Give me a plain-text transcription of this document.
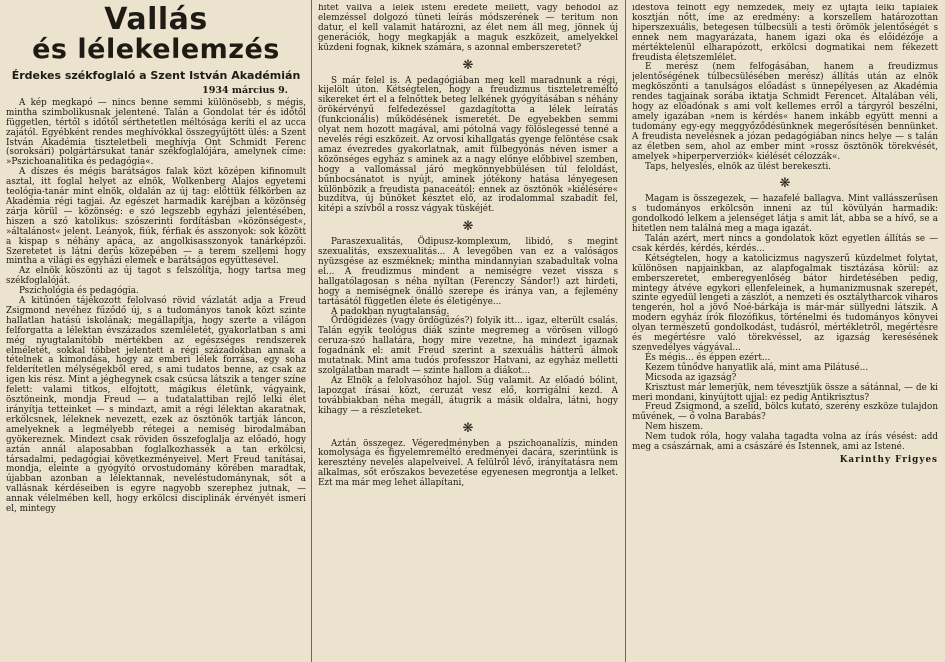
Vallás
és lélekelemzés
Érdekes székfoglaló a Szent István Akadémián
1934 március 9.

A kép megkapó — nincs benne semmi különösebb, s mégis, mintha szimbolikusnak jelentené. Talán a Gondolat tér és időtől független, tértől s időtől sérthetetlen méltósága keríti el az ucca zajától. Egyébként rendes meghívókkal összegyűjtött ülés: a Szent István Akadémia tiszteletbeli meghívja Ont Schmidt Ferenc (soroksári) polgártársukat tanár székfoglalójára, amelynek címe: »Pszichoanalitika és pedagógia«.

A díszes és mégis barátságos falak közt középen kifinomult asztal, itt foglal helyet az elnök, Wolkenberg Alajos egyetemi teológia-tanár mint elnök, oldalán az új tag: előttük félkörben az Akadémia régi tagjai. Az egészet harmadik karéjban a közönség zárja körül — közönség: e szó legszebb egyházi jelentésében, hiszen a szó katolikus: szószerinti fordításban »közönségest«, »általánost« jelent. Leányok, fiúk, férfiak és asszonyok: sok között a kispap s néhány apáca, az angolkisasszonyok tanárképzői. Szeretetet is látni derűs közepében — a terem szellemi hogy mintha a világi és egyházi elemek e barátságos együttesével.

Az elnök köszönti az új tagot s felszólítja, hogy tartsa meg székfoglalóját.

Pszichológia és pedagógia.

A kitűnően tájékozott felolvasó rövid vázlatát adja a Freud Zsigmond nevéhez fűződő új, s a tudományos tanok közt szinte hallatlan hatású iskolának; megállapítja, hogy szerte a világon felforgatta a lélektan évszázados szemléletét, gyakorlatban s ami még nyugtalanítóbb mértékben az egészséges rendszerek elméletét, sokkal többet jelentett a régi századokban annak a tételnek a kimondása, hogy az emberi lélek forrása, egy soha felderítetlen mélységekből ered, s ami tudatos benne, az csak az igen kis rész. Mint a jéghegynek csak csúcsa látszik a tenger színe felett: valami titkos, elfojtott, mágikus életünk, vágyaink, ösztöneink, mondja Freud — a tudatalattiban rejlő lelki élet irányítja tetteinket — s mindazt, amit a régi lélektan akaratnak, erkölcsnek, léleknek nevezett, ezek az ösztönök tartják láncon, amelyeknek a legmélyebb rétegei a nemiség birodalmában gyökereznek. Mindezt csak röviden összefoglalja az előadó, hogy aztán annál alaposabban foglalkozhassék a tan erkölcsi, társadalmi, pedagógiai következményeivel. Mert Freud tanításai, mondja, eleinte a gyógyító orvostudomány körében maradtak, újabban azonban a lélektannak, neveléstudománynak, sőt a vallásnak kérdéseiben is egyre nagyobb szerephez jutnak, — annak vélelmében kell, hogy erkölcsi disciplinák érvényét ismeri el, mintegy

hitet vallva a lélek isteni eredete mellett, vagy behódol az elemzéssel dolgozó tüneti leírás módszerének — teritum non datur, el kell valamit határozni, az élet nem áll meg, jönnek új generációk, hogy megkapják a maguk eszközeit, amelyekkel küzdeni fognak, kiknek számára, s azonnal emberszeretet?

❋

S már felel is. A pedagógiában meg kell maradnunk a régi, kijelölt úton. Kétségtelen, hogy a freudizmus tiszteletreméltó sikereket ért el a felnőttek beteg lelkének gyógyításában s néhány örökérvényű felfedezéssel gazdagította a lélek leíratás (funkcionális) működésének ismeretét. De egyebekben semmi olyat nem hozott magával, ami pótolná vagy fölöslegessé tenné a nevelés régi eszközeit. Az orvosi kihallgatás gyenge felöntése csak amaz évezredes gyakorlatnak, amit fülbegyónás néven ismer a közönséges egyház s aminek az a nagy előnye előbbivel szemben, hogy a vallomással járó megkönnyebbülésen túl feloldást, bűnbocsánatot is nyújt, aminek jótékony hatása lényegesen különbözik a freudista panaceától: ennek az ösztönök »kiélésére« buzdítva, új bűnöket késztet elő, az irodalommal szabadít fel, kitépi a szívből a rossz vágyak tüskéjét.

❋

Paraszexualitás, Ödipusz-komplexum, libidó, s megint szexualitás, exszexualitás... A levegőben van ez a valóságos nyüzsgése az eszméknek; mintha mindannyian szabadultak volna el... A freudizmus mindent a nemiségre vezet vissza s hallgatólagosan s néha nyíltan (Ferenczy Sándor!) azt hirdeti, hogy a nemiségnek önálló szerepe és iránya van, a fejlemény tartásától független élete és életigénye...

A padokban nyugtalanság.

Ördögidézés (vagy ördögűzés?) folyik itt... igaz, elterült csalás. Talán egyik teológus diák szinte megremeg a vörösen villogó ceruza-szó hallatára, hogy mire vezetne, ha mindezt igaznak fogadnánk el: amit Freud szerint a szexuális hátterű álmok mutatnak. Mint ama tudós professzor Hatvani, az egyház melletti szolgálatban maradt — szinte hallom a diákot...

Az Elnök a felolvasóhoz hajol. Súg valamit. Az előadó bólint, lapozgat írásai közt, ceruzát vesz elő, korrigálni kezd. A továbbiakban néha megáll, átugrik a másik oldalra, látni, hogy kihagy — a részleteket.

❋

Aztán összegez. Végeredményben a pszichoanalízis, minden komolysága és figyelemreméltó eredményei dacára, szerintünk is keresztény nevelés alapelveivel. A felülről lévő, irányítatásra nem alkalmas, sőt erőszakos bevezetése egyenesen megrontja a lelket. Ezt ma már meg lehet állapítani,

idestova felnőtt egy nemzedék, mely ez újfajta lelki táplálék kosztján nőtt, íme az eredmény: a korszellem határozottan hiperszexuális, betegesen túlbecsüli a testi örömök jelentőségét s ennek nem magyarázata, hanem igazi oka és előidézője a mértéktelenül elharapózott, erkölcsi dogmatikai nem fékezett freudista életszemlélet.

E merész (nem felfogásában, hanem a freudizmus jelentőségének túlbecsülésében merész) állítás után az elnök megköszönti a tanulságos előadást s ünnepélyesen az Akadémia rendes tagjainak sorába iktatja Schmidt Ferencet. Általában véli, hogy az előadónak s ami volt kellemes erről a tárgyról beszélni, amely igazában »nem is kérdés« hanem inkább együtt menni a tudomány egy-egy meggyőződésünknek megerősítésén bennünket. A freudista nevelésnek a józan pedagógiában nincs helye — s talán az életben sem, ahol az ember mint »rossz ösztönök törekvését, amelyek »hiperperverziók« kiélését célozzák«.

Taps, helyeslés, elnök az ülést berekeszti.

❋

Magam is összegezek, — hazafelé ballagva. Mint vallásszerűsen s tudományos erkölcsön inneni az túl kövülyán harmadik: gondolkodó lelkem a jelenséget látja s amit lát, abba se a hívő, se a hitetlen nem találná meg a maga igazát.

Talán azért, mert nincs a gondolatok közt egyetlen állítás se — csak kérdés, kérdés, kérdés...

Kétségtelen, hogy a katolicizmus nagyszerű küzdelmet folytat, különösen napjainkban, az alapfogalmak tisztázása körül: az emberszeretet, emberegyenlőség bátor hirdetésében pedig, mintegy átvéve egykori ellenfeleinek, a humanizmusnak szerepét, szinte egyedül lengeti a zászlót, a nemzeti és osztálytharcok viharos tengerén, hol a jövő Noé-bárkája is már-már süllyedni látszik. A modern egyház írók filozófikus, történelmi és tudományos könyvei olyan természetű gondolkodást, tudásról, mértékletről, megértésre és megértésre való törekvéssel, az igazság keresésének szenvedélyes vágyával...

És mégis... és éppen ezért...

Kezem tűnődve hanyatlik alá, mint ama Pilátusé...

Micsoda az igazság?

Krisztust már lemerjük, nem tévesztjük össze a sátánnal, — de ki meri mondani, kinyújtott ujjal: ez pedig Antikrisztus?

Freud Zsigmond, a szelíd, bölcs kutató, szerény eszköze tulajdon művének, — ő volna Barabás?

Nem hiszem.

Nem tudok róla, hogy valaha tagadta volna az írás vésést: add meg a császárnak, ami a császáré és Istennek, ami az Istené.

Karinthy Frigyes
